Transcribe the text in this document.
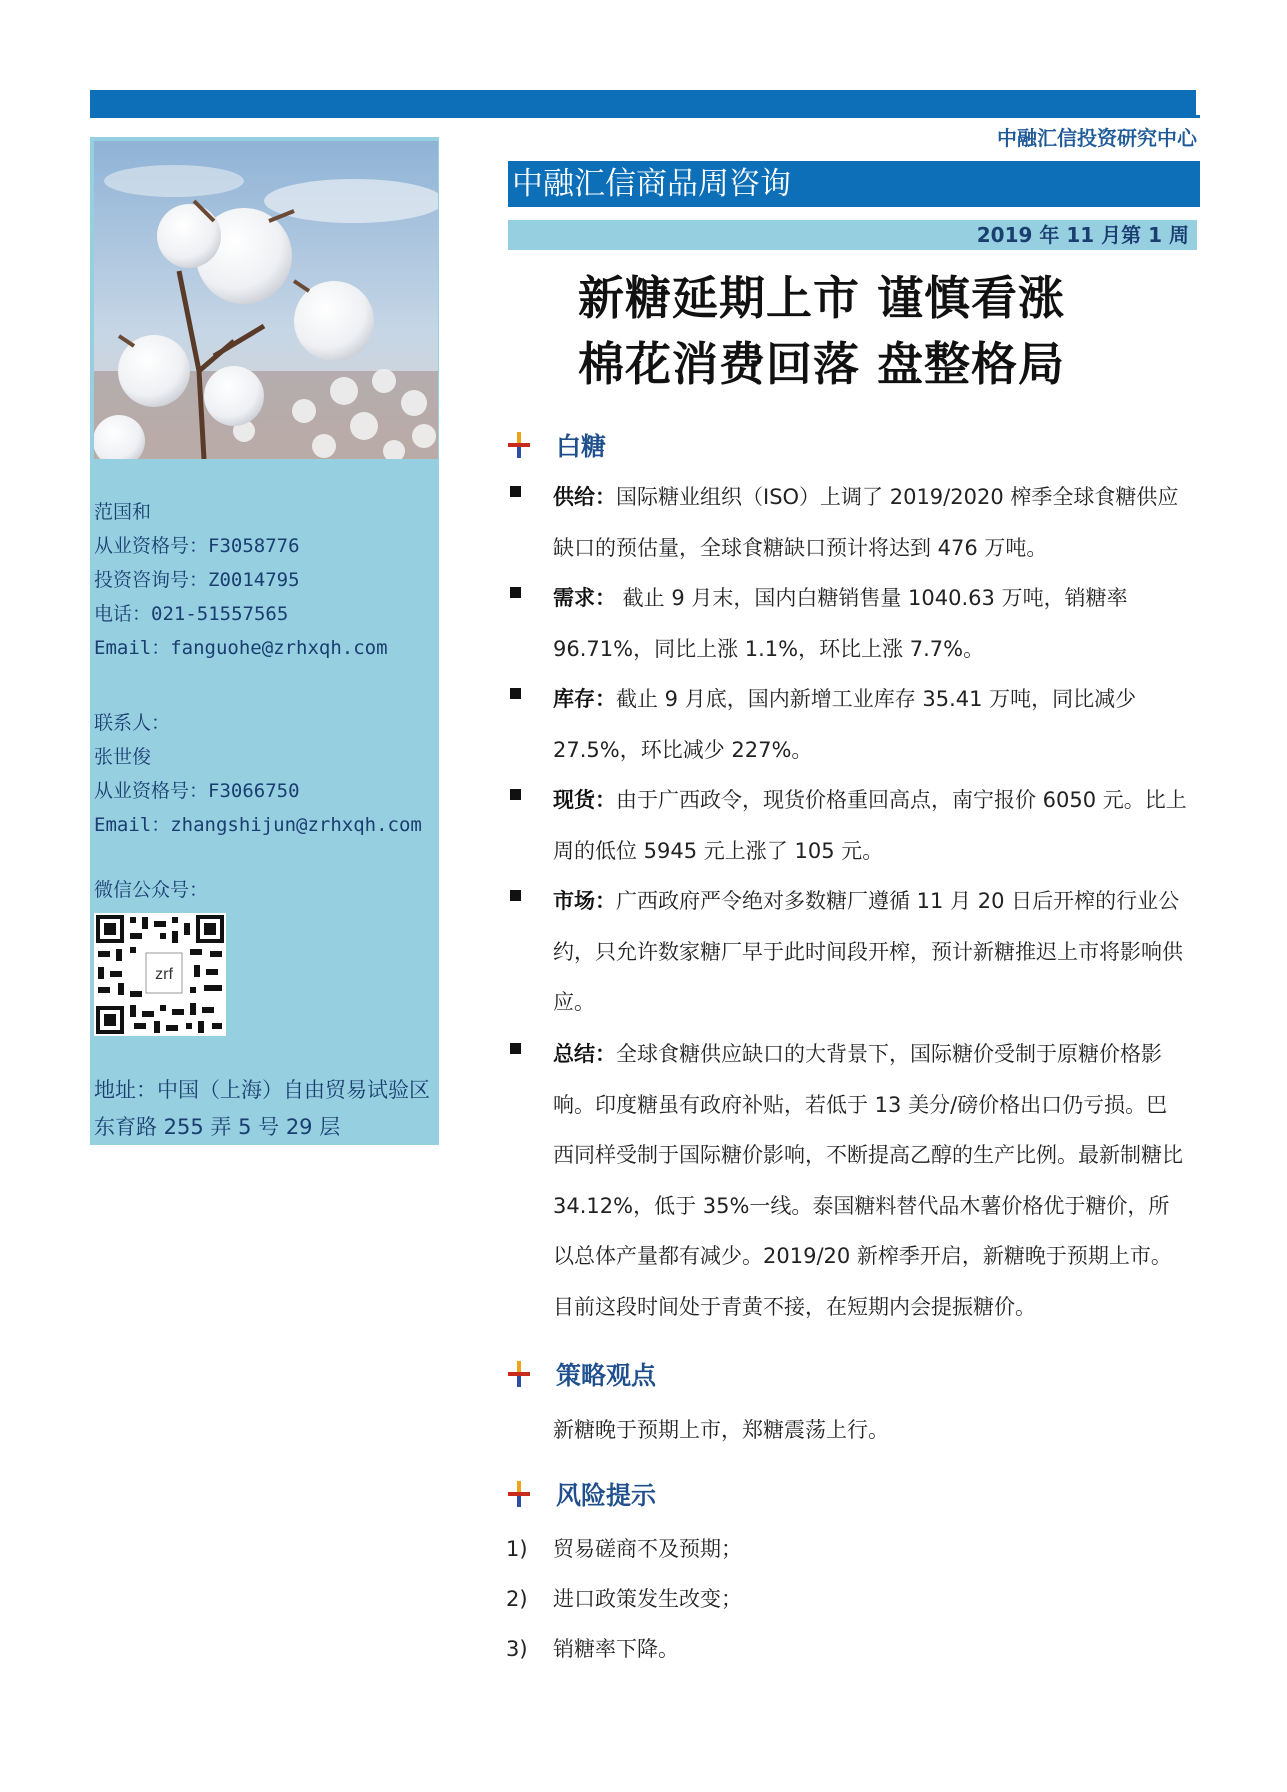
中融汇信投资研究中心
范国和
从业资格号：F3058776
投资咨询号：Z0014795
电话：021-51557565
Email：fanguohe@zrhxqh.com
联系人：
张世俊
从业资格号：F3066750
Email：zhangshijun@zrhxqh.com
微信公众号：
zrf
地址：中国（上海）自由贸易试验区东育路 255 弄 5 号 29 层
中融汇信商品周咨询
2019 年 11 月第 1 周
新糖延期上市 谨慎看涨
棉花消费回落 盘整格局
白糖
供给：国际糖业组织（ISO）上调了 2019/2020 榨季全球食糖供应缺口的预估量，全球食糖缺口预计将达到 476 万吨。
需求： 截止 9 月末，国内白糖销售量 1040.63 万吨，销糖率 96.71%，同比上涨 1.1%，环比上涨 7.7%。
库存：截止 9 月底，国内新增工业库存 35.41 万吨，同比减少 27.5%，环比减少 227%。
现货：由于广西政令，现货价格重回高点，南宁报价 6050 元。比上周的低位 5945 元上涨了 105 元。
市场：广西政府严令绝对多数糖厂遵循 11 月 20 日后开榨的行业公约，只允许数家糖厂早于此时间段开榨，预计新糖推迟上市将影响供应。
总结：全球食糖供应缺口的大背景下，国际糖价受制于原糖价格影响。印度糖虽有政府补贴，若低于 13 美分/磅价格出口仍亏损。巴西同样受制于国际糖价影响，不断提高乙醇的生产比例。最新制糖比 34.12%，低于 35%一线。泰国糖料替代品木薯价格优于糖价，所以总体产量都有减少。2019/20 新榨季开启，新糖晚于预期上市。目前这段时间处于青黄不接，在短期内会提振糖价。
策略观点
新糖晚于预期上市，郑糖震荡上行。
风险提示
1) 贸易磋商不及预期；
2) 进口政策发生改变；
3) 销糖率下降。
